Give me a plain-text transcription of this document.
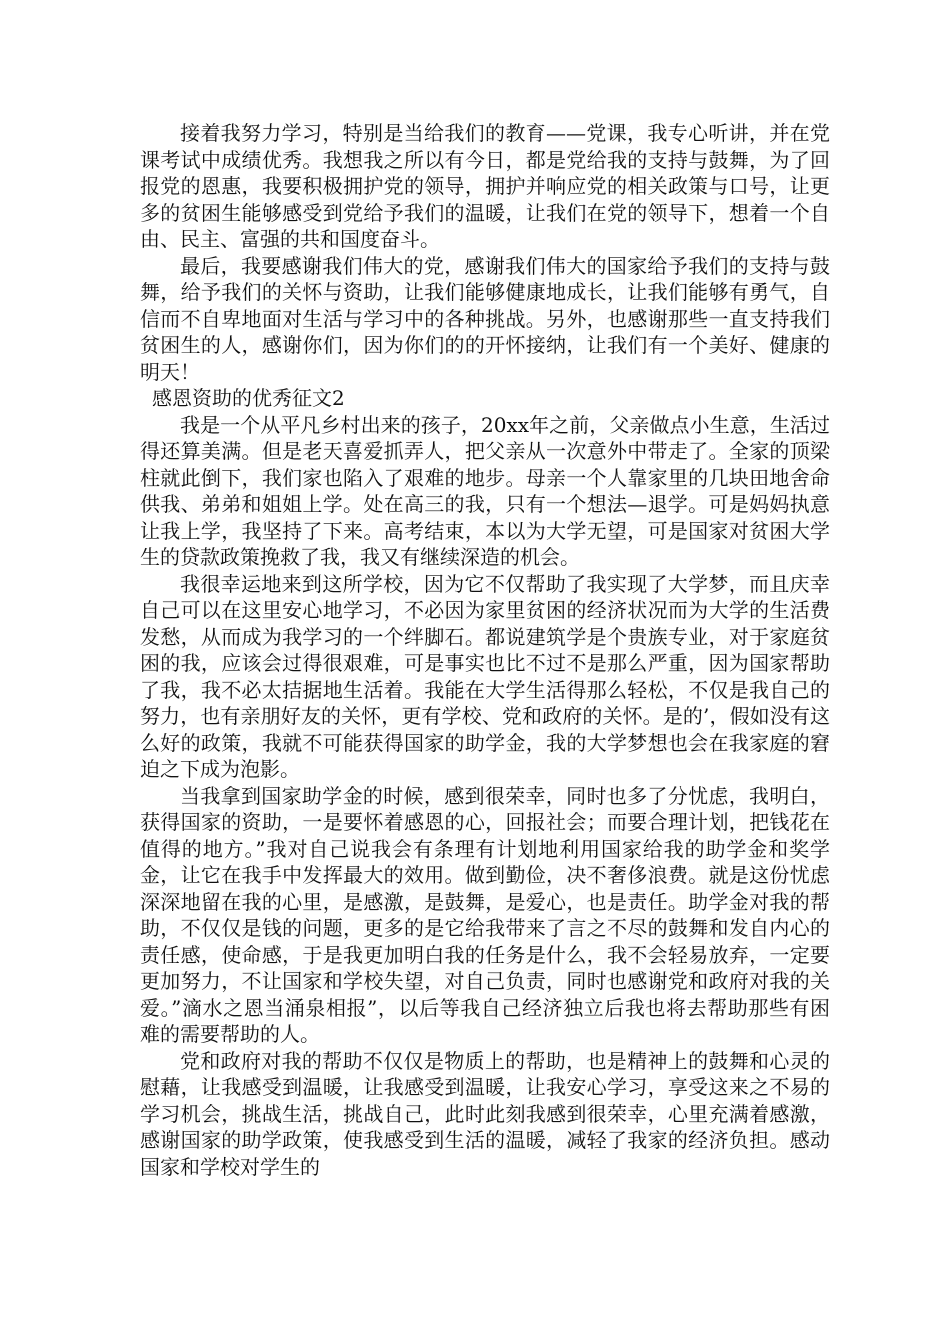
接着我努力学习，特别是当给我们的教育——党课，我专心听讲，并在党课考试中成绩优秀。我想我之所以有今日，都是党给我的支持与鼓舞，为了回报党的恩惠，我要积极拥护党的领导，拥护并响应党的相关政策与口号，让更多的贫困生能够感受到党给予我们的温暖，让我们在党的领导下，想着一个自由、民主、富强的共和国度奋斗。

最后，我要感谢我们伟大的党，感谢我们伟大的国家给予我们的支持与鼓舞，给予我们的关怀与资助，让我们能够健康地成长，让我们能够有勇气，自信而不自卑地面对生活与学习中的各种挑战。另外，也感谢那些一直支持我们贫困生的人，感谢你们，因为你们的的开怀接纳，让我们有一个美好、健康的明天！

感恩资助的优秀征文2

我是一个从平凡乡村出来的孩子，20xx年之前，父亲做点小生意，生活过得还算美满。但是老天喜爱抓弄人，把父亲从一次意外中带走了。全家的顶梁柱就此倒下，我们家也陷入了艰难的地步。母亲一个人靠家里的几块田地舍命供我、弟弟和姐姐上学。处在高三的我，只有一个想法—退学。可是妈妈执意让我上学，我坚持了下来。高考结束，本以为大学无望，可是国家对贫困大学生的贷款政策挽救了我，我又有继续深造的机会。

我很幸运地来到这所学校，因为它不仅帮助了我实现了大学梦，而且庆幸自己可以在这里安心地学习，不必因为家里贫困的经济状况而为大学的生活费发愁，从而成为我学习的一个绊脚石。都说建筑学是个贵族专业，对于家庭贫困的我，应该会过得很艰难，可是事实也比不过不是那么严重，因为国家帮助了我，我不必太拮据地生活着。我能在大学生活得那么轻松，不仅是我自己的努力，也有亲朋好友的关怀，更有学校、党和政府的关怀。是的’，假如没有这么好的政策，我就不可能获得国家的助学金，我的大学梦想也会在我家庭的窘迫之下成为泡影。

当我拿到国家助学金的时候，感到很荣幸，同时也多了分忧虑，我明白，获得国家的资助，一是要怀着感恩的心，回报社会；而要合理计划，把钱花在值得的地方。”我对自己说我会有条理有计划地利用国家给我的助学金和奖学金，让它在我手中发挥最大的效用。做到勤俭，决不奢侈浪费。就是这份忧虑深深地留在我的心里，是感激，是鼓舞，是爱心，也是责任。助学金对我的帮助，不仅仅是钱的问题，更多的是它给我带来了言之不尽的鼓舞和发自内心的责任感，使命感，于是我更加明白我的任务是什么，我不会轻易放弃，一定要更加努力，不让国家和学校失望，对自己负责，同时也感谢党和政府对我的关爱。”滴水之恩当涌泉相报”，以后等我自己经济独立后我也将去帮助那些有困难的需要帮助的人。

党和政府对我的帮助不仅仅是物质上的帮助，也是精神上的鼓舞和心灵的慰藉，让我感受到温暖，让我感受到温暖，让我安心学习，享受这来之不易的学习机会，挑战生活，挑战自己，此时此刻我感到很荣幸，心里充满着感激，感谢国家的助学政策，使我感受到生活的温暖，减轻了我家的经济负担。感动国家和学校对学生的
